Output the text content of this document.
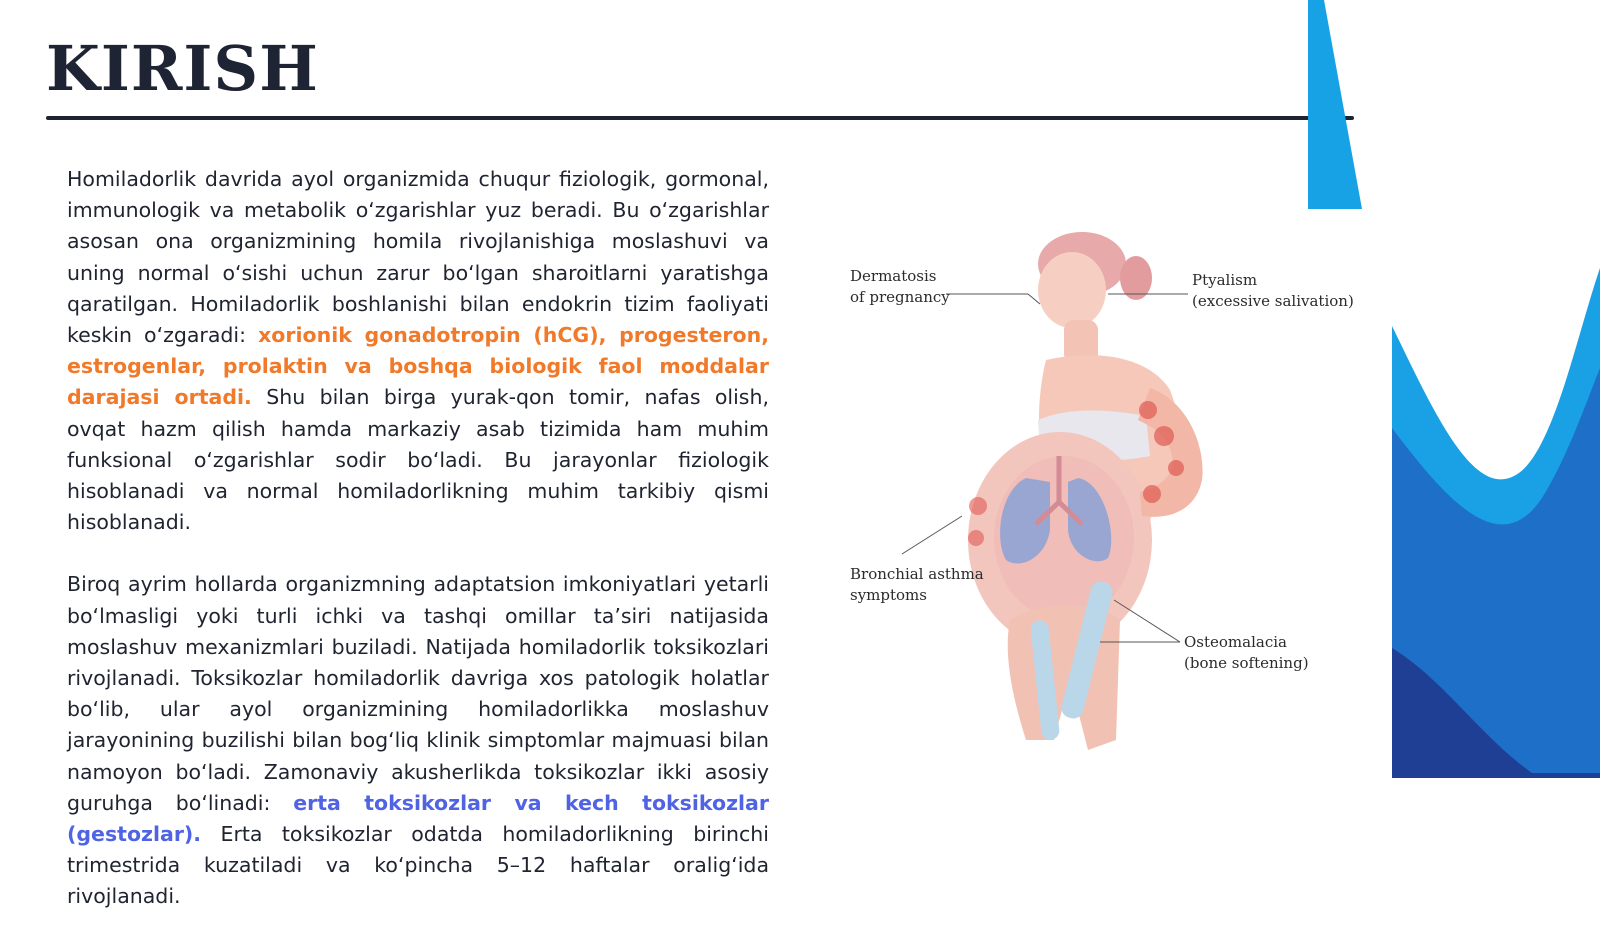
KIRISH

Homiladorlik davrida ayol organizmida chuqur fiziologik, gormonal, immunologik va metabolik o‘zgarishlar yuz beradi. Bu o‘zgarishlar asosan ona organizmining homila rivojlanishiga moslashuvi va uning normal o‘sishi uchun zarur bo‘lgan sharoitlarni yaratishga qaratilgan. Homiladorlik boshlanishi bilan endokrin tizim faoliyati keskin o‘zgaradi: xorionik gonadotropin (hCG), progesteron, estrogenlar, prolaktin va boshqa biologik faol moddalar darajasi ortadi. Shu bilan birga yurak-qon tomir, nafas olish, ovqat hazm qilish hamda markaziy asab tizimida ham muhim funksional o‘zgarishlar sodir bo‘ladi. Bu jarayonlar fiziologik hisoblanadi va normal homiladorlikning muhim tarkibiy qismi hisoblanadi.

Biroq ayrim hollarda organizmning adaptatsion imkoniyatlari yetarli bo‘lmasligi yoki turli ichki va tashqi omillar ta’siri natijasida moslashuv mexanizmlari buziladi. Natijada homiladorlik toksikozlari rivojlanadi. Toksikozlar homiladorlik davriga xos patologik holatlar bo‘lib, ular ayol organizmining homiladorlikka moslashuv jarayonining buzilishi bilan bog‘liq klinik simptomlar majmuasi bilan namoyon bo‘ladi. Zamonaviy akusherlikda toksikozlar ikki asosiy guruhga bo‘linadi: erta toksikozlar va kech toksikozlar (gestozlar). Erta toksikozlar odatda homiladorlikning birinchi trimestrida kuzatiladi va ko‘pincha 5–12 haftalar oralig‘ida rivojlanadi.

Dermatosis
of pregnancy
Ptyalism
(excessive salivation)
Bronchial asthma
symptoms
Osteomalacia
(bone softening)
